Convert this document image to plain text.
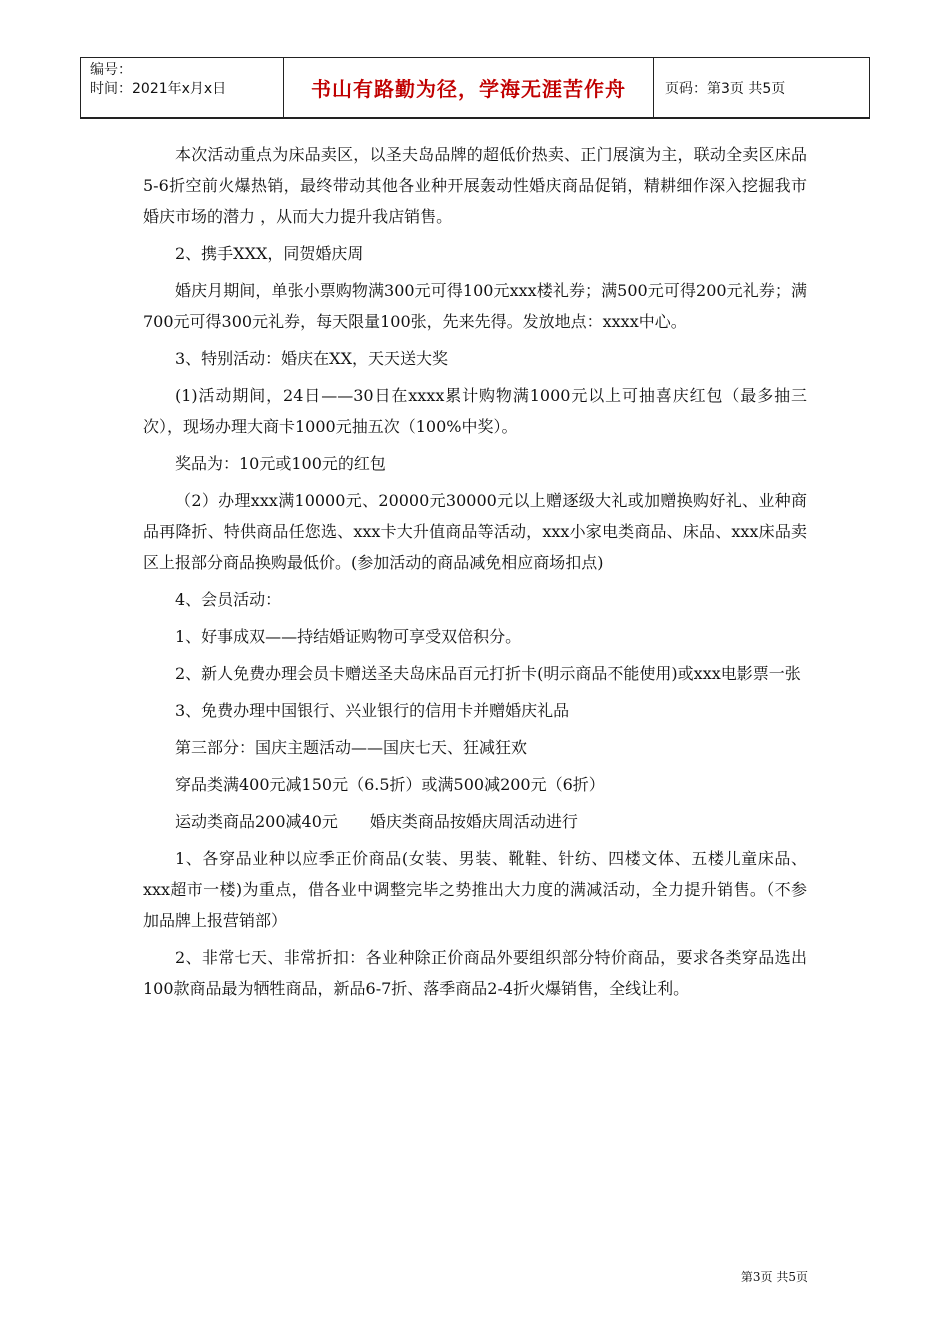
编号：
时间：2021年x月x日	书山有路勤为径，学海无涯苦作舟	页码：第3页 共5页

本次活动重点为床品卖区，以圣夫岛品牌的超低价热卖、正门展演为主，联动全卖区床品5-6折空前火爆热销，最终带动其他各业种开展轰动性婚庆商品促销，精耕细作深入挖掘我市婚庆市场的潜力 ，从而大力提升我店销售。

2、携手XXX，同贺婚庆周

婚庆月期间，单张小票购物满300元可得100元xxx楼礼券；满500元可得200元礼券；满700元可得300元礼券，每天限量100张，先来先得。发放地点：xxxx中心。

3、特别活动：婚庆在XX，天天送大奖

(1)活动期间，24日——30日在xxxx累计购物满1000元以上可抽喜庆红包（最多抽三次），现场办理大商卡1000元抽五次（100%中奖）。

奖品为：10元或100元的红包

（2）办理xxx满10000元、20000元30000元以上赠逐级大礼或加赠换购好礼、业种商品再降折、特供商品任您选、xxx卡大升值商品等活动，xxx小家电类商品、床品、xxx床品卖区上报部分商品换购最低价。(参加活动的商品减免相应商场扣点)

4、会员活动：

1、好事成双——持结婚证购物可享受双倍积分。

2、新人免费办理会员卡赠送圣夫岛床品百元打折卡(明示商品不能使用)或xxx电影票一张

3、免费办理中国银行、兴业银行的信用卡并赠婚庆礼品

第三部分：国庆主题活动——国庆七天、狂减狂欢

穿品类满400元减150元（6.5折）或满500减200元（6折）

运动类商品200减40元　　婚庆类商品按婚庆周活动进行

1、各穿品业种以应季正价商品(女装、男装、靴鞋、针纺、四楼文体、五楼儿童床品、xxx超市一楼)为重点，借各业中调整完毕之势推出大力度的满减活动，全力提升销售。（不参加品牌上报营销部）

2、非常七天、非常折扣：各业种除正价商品外要组织部分特价商品，要求各类穿品选出100款商品最为牺牲商品，新品6-7折、落季商品2-4折火爆销售，全线让利。

第3页 共5页
